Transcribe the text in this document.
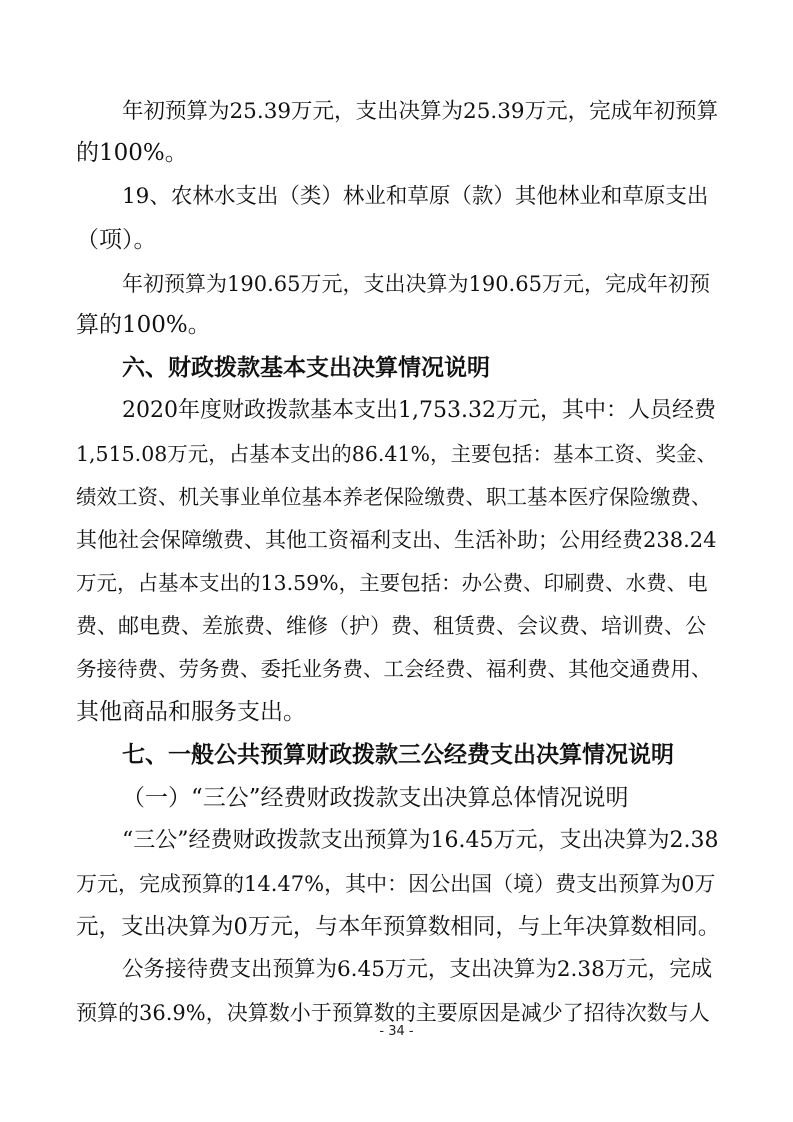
年初预算为25.39万元，支出决算为25.39万元，完成年初预算
的100%。
19、农林水支出（类）林业和草原（款）其他林业和草原支出
（项）。
年初预算为190.65万元，支出决算为190.65万元，完成年初预
算的100%。
六、财政拨款基本支出决算情况说明
2020年度财政拨款基本支出1,753.32万元，其中：人员经费
1,515.08万元，占基本支出的86.41%，主要包括：基本工资、奖金、
绩效工资、机关事业单位基本养老保险缴费、职工基本医疗保险缴费、
其他社会保障缴费、其他工资福利支出、生活补助；公用经费238.24
万元，占基本支出的13.59%，主要包括：办公费、印刷费、水费、电
费、邮电费、差旅费、维修（护）费、租赁费、会议费、培训费、公
务接待费、劳务费、委托业务费、工会经费、福利费、其他交通费用、
其他商品和服务支出。
七、一般公共预算财政拨款三公经费支出决算情况说明
（一）“三公”经费财政拨款支出决算总体情况说明
“三公”经费财政拨款支出预算为16.45万元，支出决算为2.38
万元，完成预算的14.47%，其中：因公出国（境）费支出预算为0万
元，支出决算为0万元，与本年预算数相同，与上年决算数相同。
公务接待费支出预算为6.45万元，支出决算为2.38万元，完成
预算的36.9%，决算数小于预算数的主要原因是减少了招待次数与人
- 34 -
